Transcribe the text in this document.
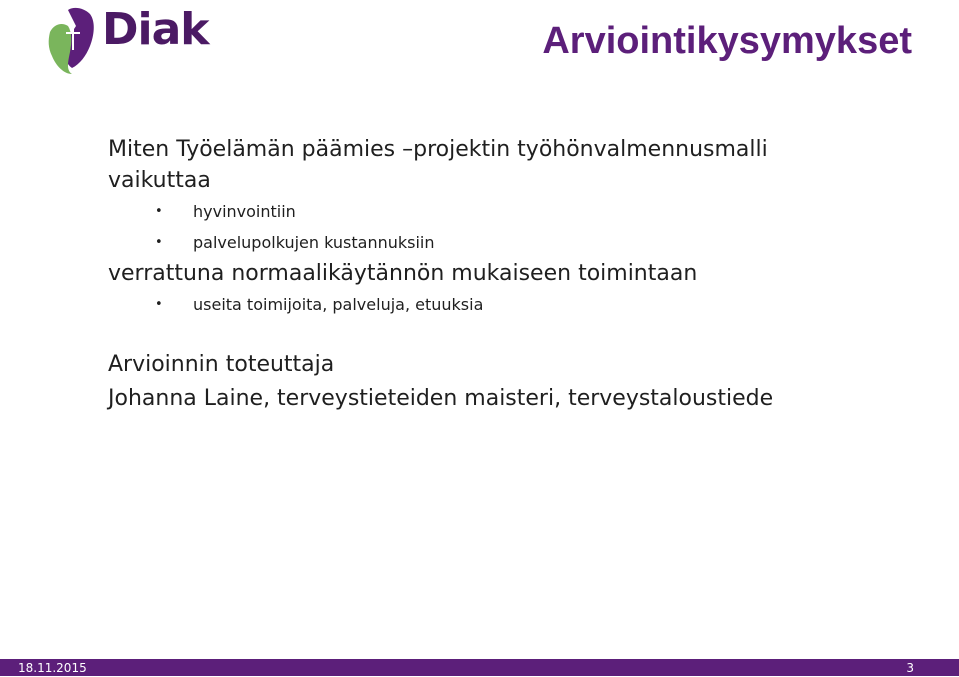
Diak	Arviointikysymykset

Miten Työelämän päämies –projektin työhönvalmennusmalli

vaikuttaa

• hyvinvointiin
• palvelupolkujen kustannuksiin

verrattuna normaalikäytännön mukaiseen toimintaan

• useita toimijoita, palveluja, etuuksia

Arvioinnin toteuttaja

Johanna Laine, terveystieteiden maisteri, terveystaloustiede

18.11.2015	3
